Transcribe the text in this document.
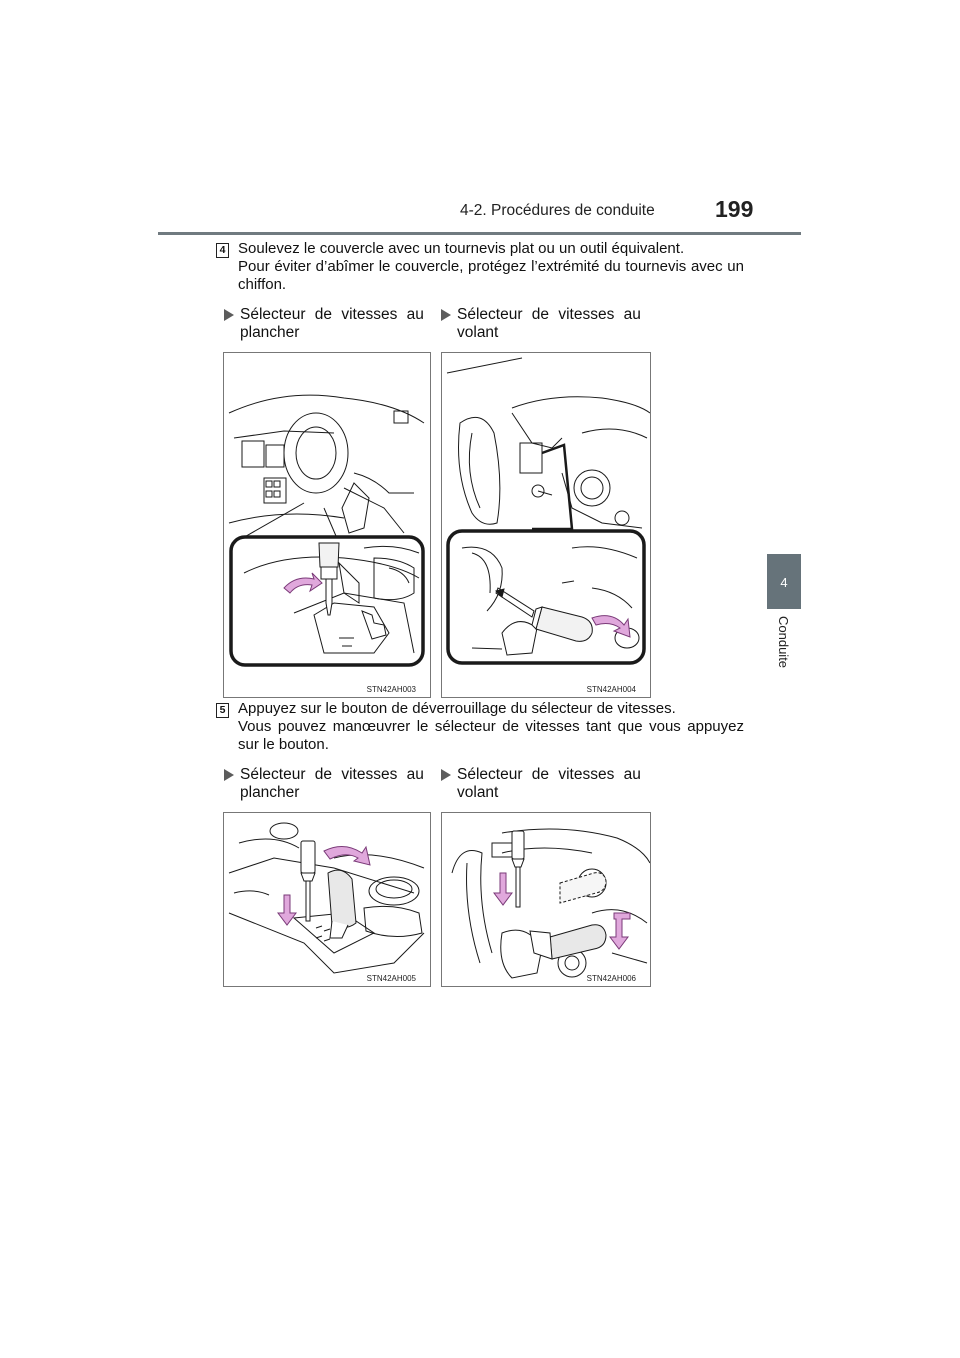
4-2. Procédures de conduite	199
4
Conduite
4 Soulevez le couvercle avec un tournevis plat ou un outil équivalent.

Pour éviter d’abîmer le couvercle, protégez l’extrémité du tournevis avec un chiffon.

Sélecteur de vitesses au
plancher
Sélecteur de vitesses au
volant
STN42AH003	STN42AH004
5 Appuyez sur le bouton de déverrouillage du sélecteur de vitesses.

Vous pouvez manœuvrer le sélecteur de vitesses tant que vous appuyez sur le bouton.

Sélecteur de vitesses au
plancher
Sélecteur de vitesses au
volant
STN42AH005	STN42AH006
